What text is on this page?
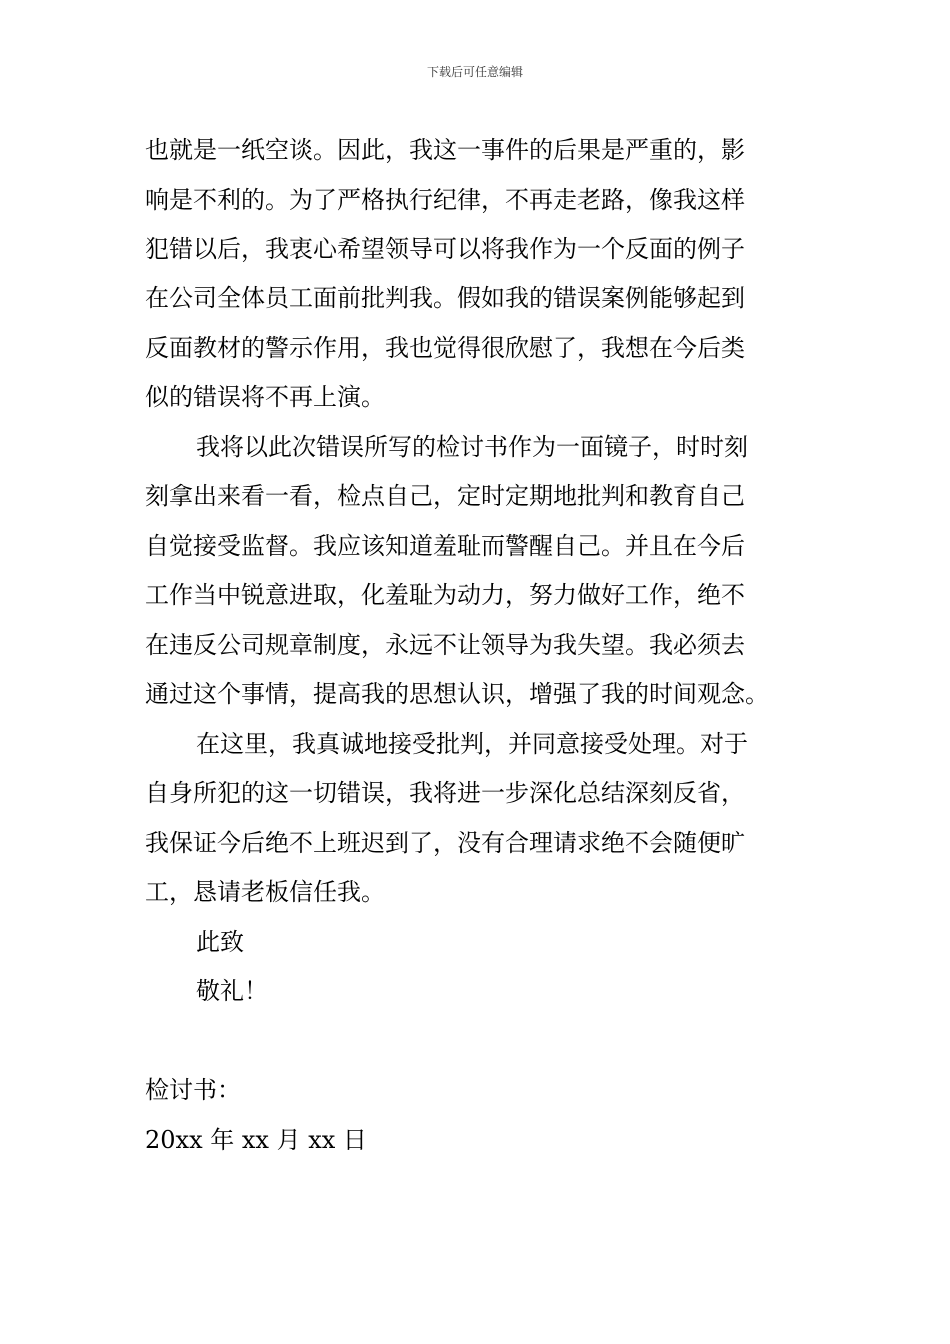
下载后可任意编辑
也就是一纸空谈。因此，我这一事件的后果是严重的，影
响是不利的。为了严格执行纪律，不再走老路，像我这样
犯错以后，我衷心希望领导可以将我作为一个反面的例子
在公司全体员工面前批判我。假如我的错误案例能够起到
反面教材的警示作用，我也觉得很欣慰了，我想在今后类
似的错误将不再上演。
我将以此次错误所写的检讨书作为一面镜子，时时刻
刻拿出来看一看，检点自己，定时定期地批判和教育自己
自觉接受监督。我应该知道羞耻而警醒自己。并且在今后
工作当中锐意进取，化羞耻为动力，努力做好工作，绝不
在违反公司规章制度，永远不让领导为我失望。我必须去
通过这个事情，提高我的思想认识，增强了我的时间观念。
在这里，我真诚地接受批判，并同意接受处理。对于
自身所犯的这一切错误，我将进一步深化总结深刻反省，
我保证今后绝不上班迟到了，没有合理请求绝不会随便旷
工，恳请老板信任我。
此致
敬礼！
检讨书：
20xx 年 xx 月 xx 日
